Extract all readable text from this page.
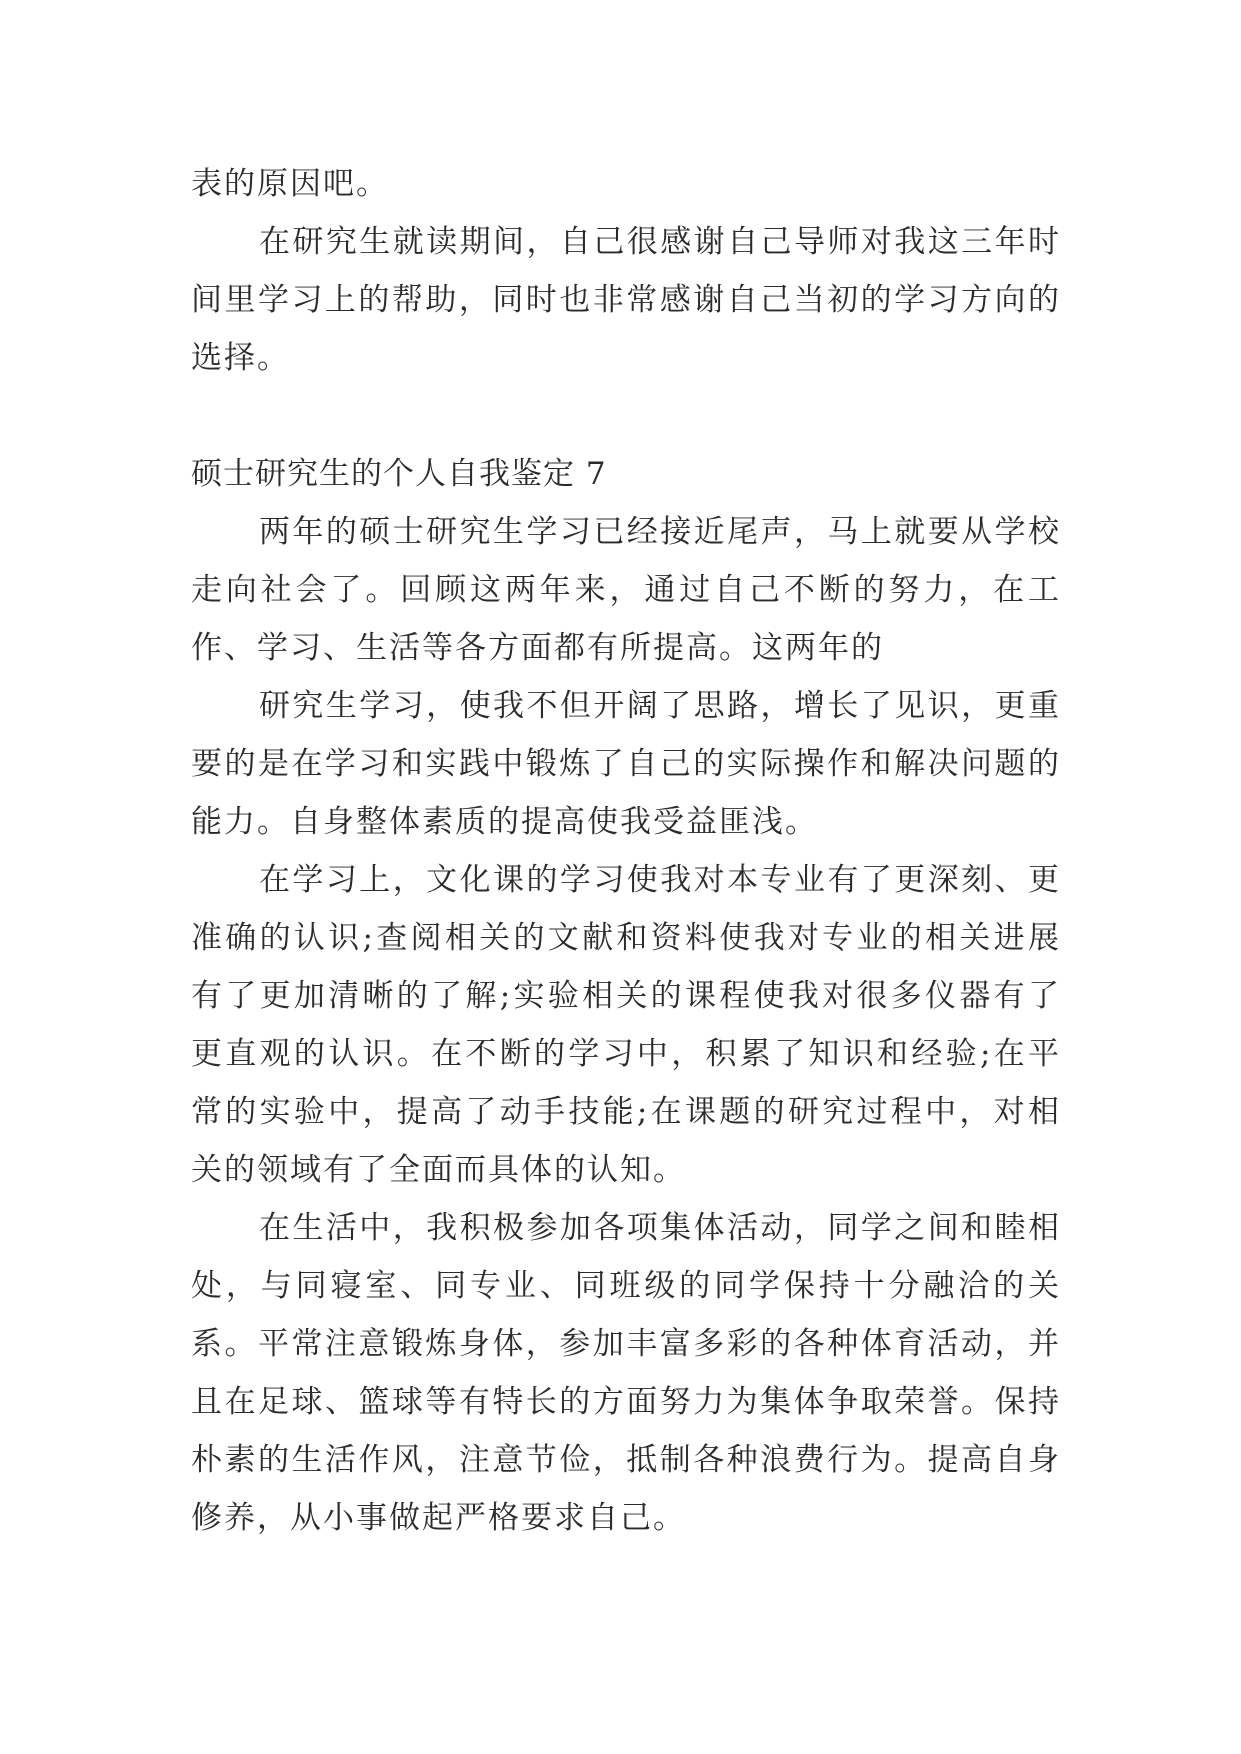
表的原因吧。

在研究生就读期间，自己很感谢自己导师对我这三年时间里学习上的帮助，同时也非常感谢自己当初的学习方向的选择。

硕士研究生的个人自我鉴定 7

两年的硕士研究生学习已经接近尾声，马上就要从学校走向社会了。回顾这两年来，通过自己不断的努力，在工作、学习、生活等各方面都有所提高。这两年的

研究生学习，使我不但开阔了思路，增长了见识，更重要的是在学习和实践中锻炼了自己的实际操作和解决问题的能力。自身整体素质的提高使我受益匪浅。

在学习上，文化课的学习使我对本专业有了更深刻、更准确的认识;查阅相关的文献和资料使我对专业的相关进展有了更加清晰的了解;实验相关的课程使我对很多仪器有了更直观的认识。在不断的学习中，积累了知识和经验;在平常的实验中，提高了动手技能;在课题的研究过程中，对相关的领域有了全面而具体的认知。

在生活中，我积极参加各项集体活动，同学之间和睦相处，与同寝室、同专业、同班级的同学保持十分融洽的关系。平常注意锻炼身体，参加丰富多彩的各种体育活动，并且在足球、篮球等有特长的方面努力为集体争取荣誉。保持朴素的生活作风，注意节俭，抵制各种浪费行为。提高自身修养，从小事做起严格要求自己。
